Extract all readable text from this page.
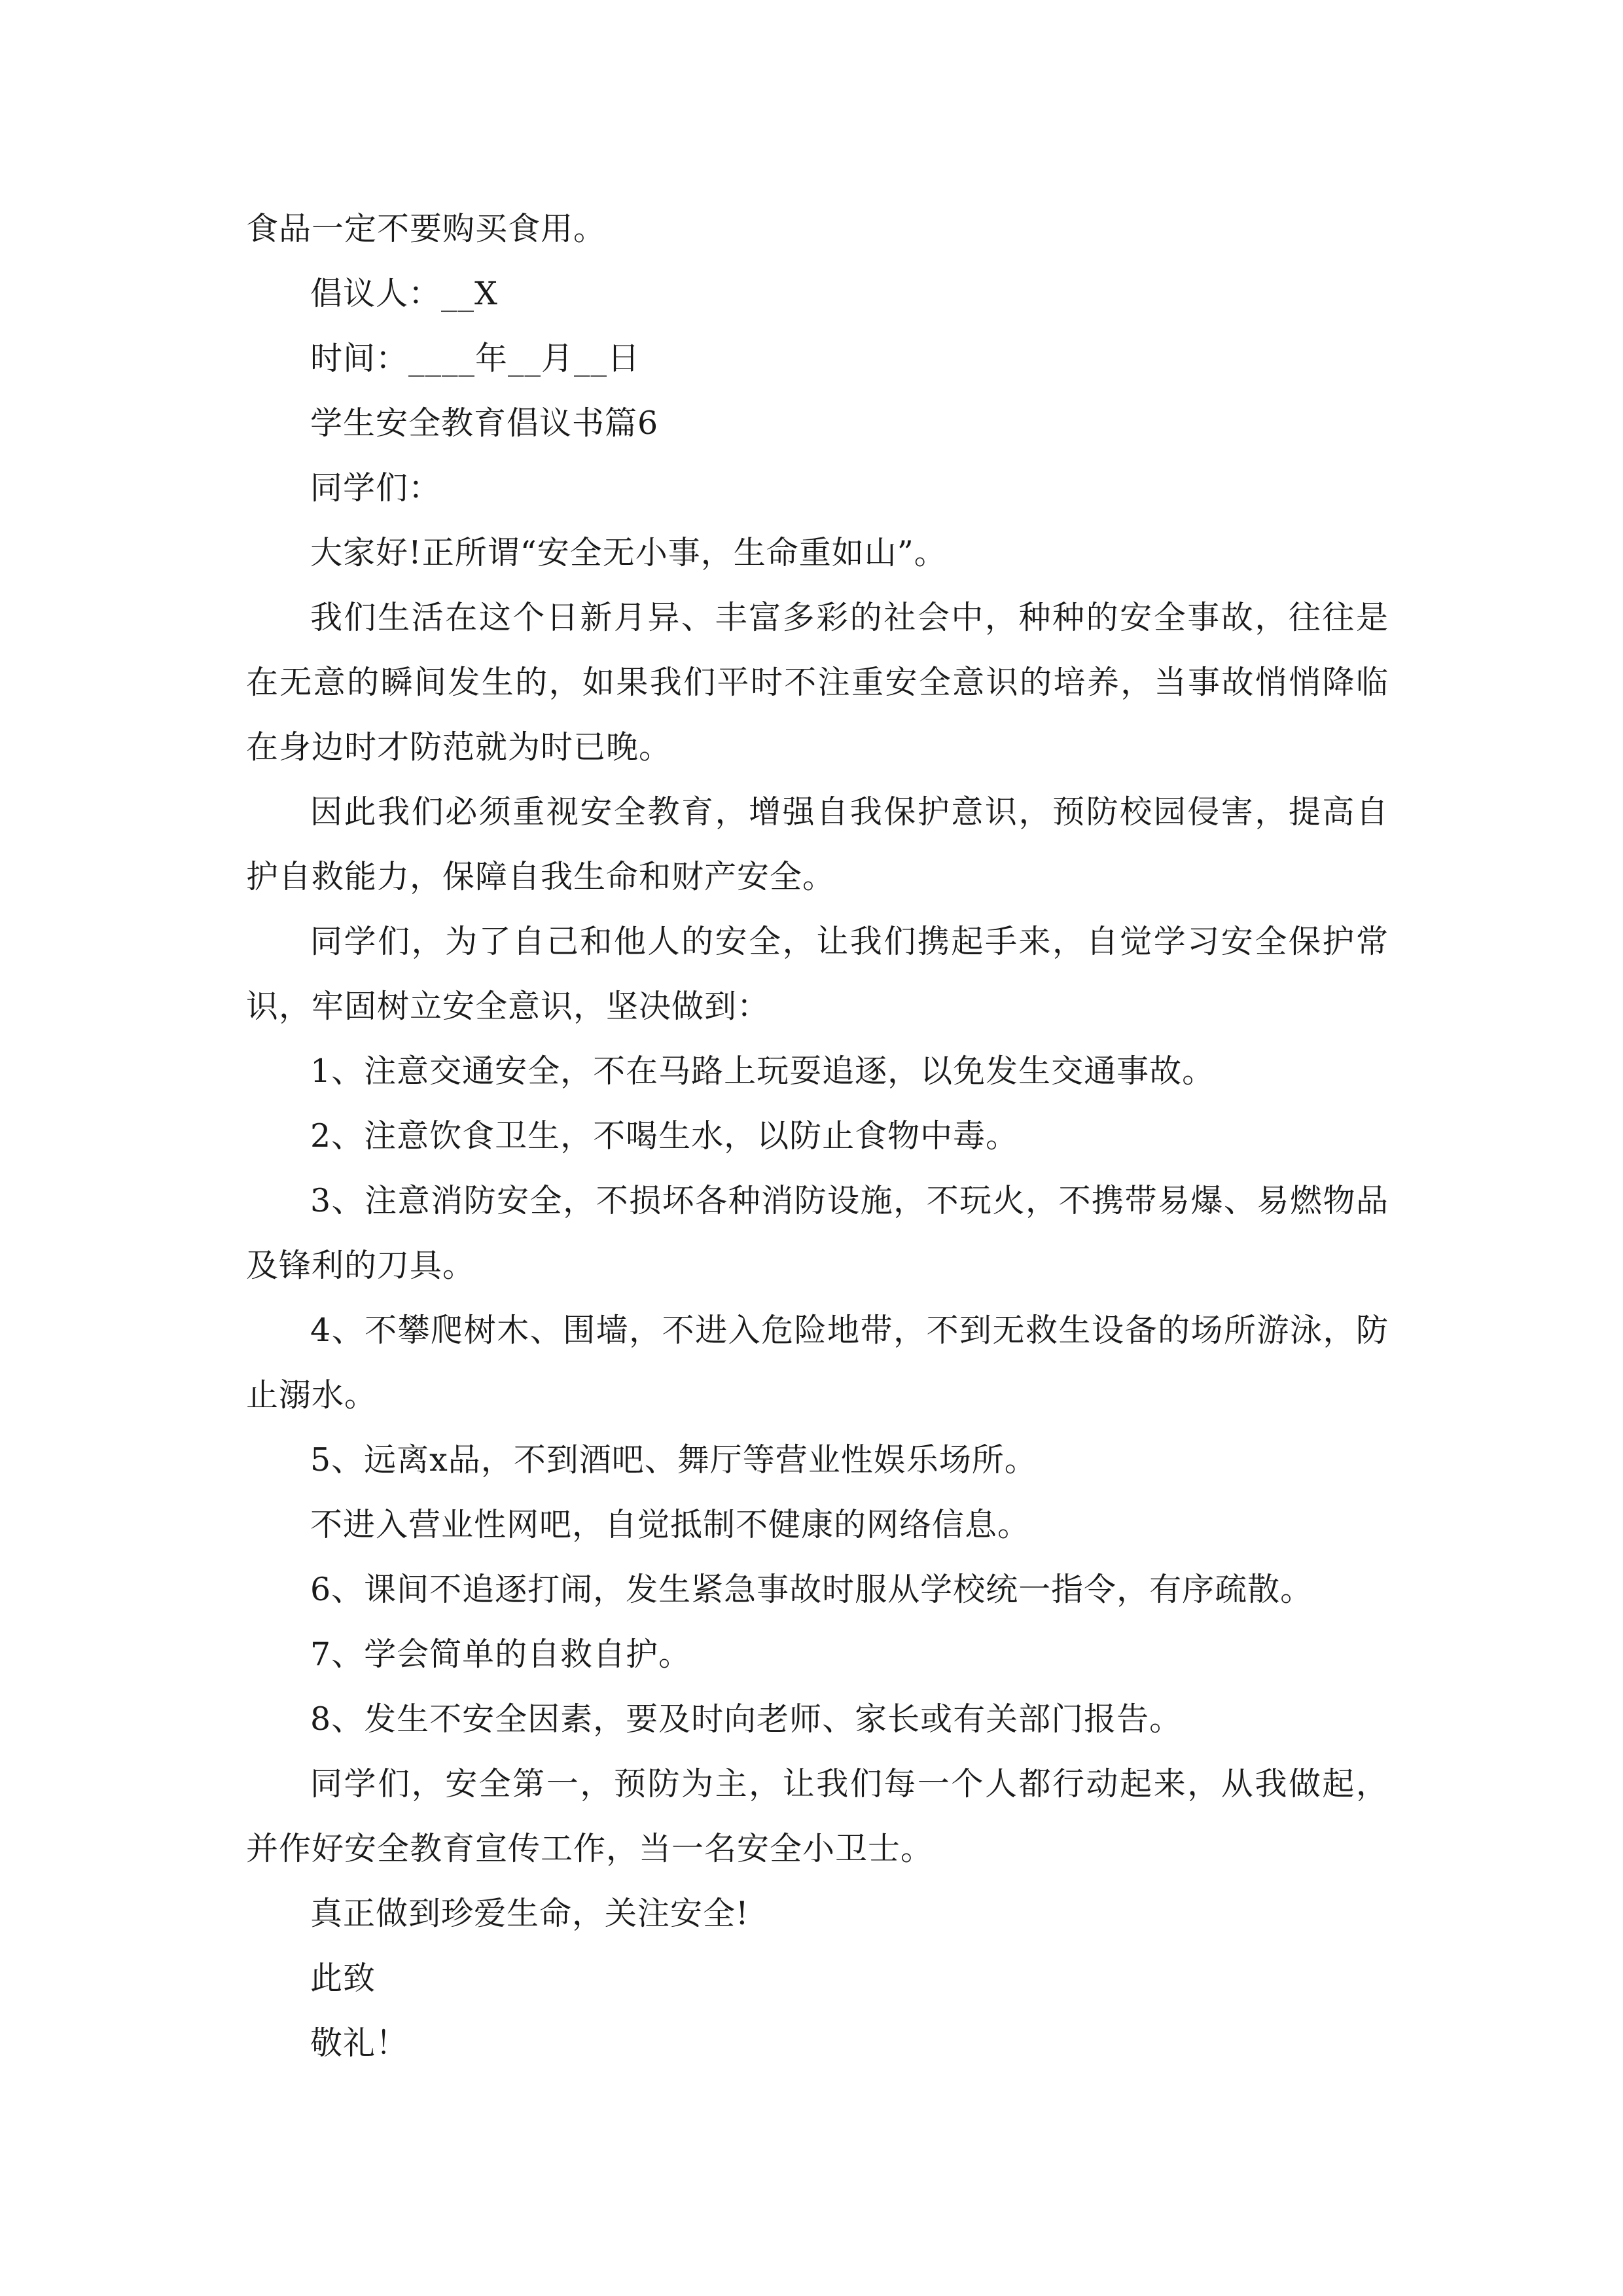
食品一定不要购买食用。

倡议人：__X

时间：____年__月__日

学生安全教育倡议书篇6

同学们：

大家好!正所谓“安全无小事，生命重如山”。

我们生活在这个日新月异、丰富多彩的社会中，种种的安全事故，往往是在无意的瞬间发生的，如果我们平时不注重安全意识的培养，当事故悄悄降临在身边时才防范就为时已晚。

因此我们必须重视安全教育，增强自我保护意识，预防校园侵害，提高自护自救能力，保障自我生命和财产安全。

同学们，为了自己和他人的安全，让我们携起手来，自觉学习安全保护常识，牢固树立安全意识，坚决做到：

1、注意交通安全，不在马路上玩耍追逐，以免发生交通事故。

2、注意饮食卫生，不喝生水，以防止食物中毒。

3、注意消防安全，不损坏各种消防设施，不玩火，不携带易爆、易燃物品及锋利的刀具。

4、不攀爬树木、围墙，不进入危险地带，不到无救生设备的场所游泳，防止溺水。

5、远离x品，不到酒吧、舞厅等营业性娱乐场所。

不进入营业性网吧，自觉抵制不健康的网络信息。

6、课间不追逐打闹，发生紧急事故时服从学校统一指令，有序疏散。

7、学会简单的自救自护。

8、发生不安全因素，要及时向老师、家长或有关部门报告。

同学们，安全第一，预防为主，让我们每一个人都行动起来，从我做起，并作好安全教育宣传工作，当一名安全小卫士。

真正做到珍爱生命，关注安全!

此致

敬礼！
